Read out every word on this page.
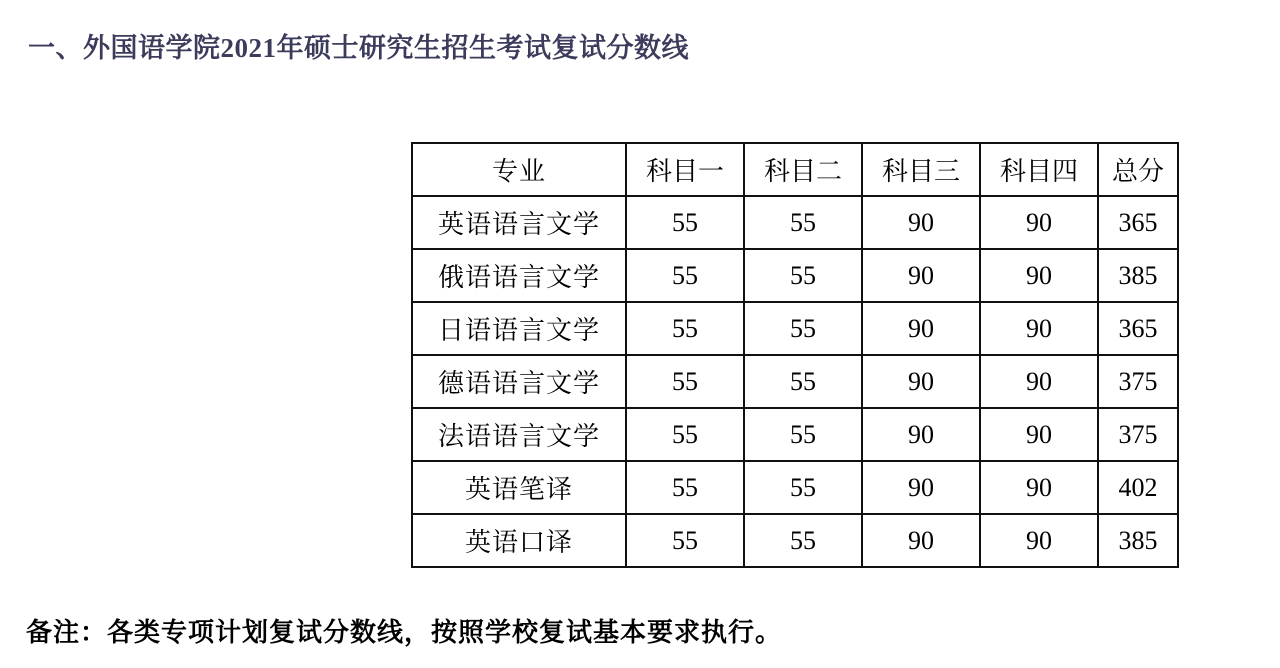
一、外国语学院2021年硕士研究生招生考试复试分数线
专业	科目一	科目二	科目三	科目四	总分
英语语言文学	55	55	90	90	365
俄语语言文学	55	55	90	90	385
日语语言文学	55	55	90	90	365
德语语言文学	55	55	90	90	375
法语语言文学	55	55	90	90	375
英语笔译	55	55	90	90	402
英语口译	55	55	90	90	385
备注：各类专项计划复试分数线，按照学校复试基本要求执行。
